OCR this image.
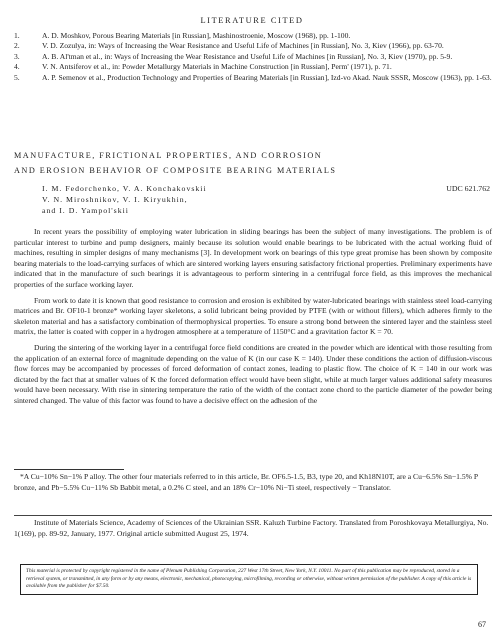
LITERATURE CITED
1.	A. D. Moshkov, Porous Bearing Materials [in Russian], Mashinostroenie, Moscow (1968), pp. 1-100.
2.	V. D. Zozulya, in: Ways of Increasing the Wear Resistance and Useful Life of Machines [in Russian], No. 3, Kiev (1966), pp. 63-70.
3.	A. B. Al'tman et al., in: Ways of Increasing the Wear Resistance and Useful Life of Machines [in Russian], No. 3, Kiev (1970), pp. 5-9.
4.	V. N. Antsiferov et al., in: Powder Metallurgy Materials in Machine Construction [in Russian], Perm' (1971), p. 71.
5.	A. P. Semenov et al., Production Technology and Properties of Bearing Materials [in Russian], Izd-vo Akad. Nauk SSSR, Moscow (1963), pp. 1-63.
MANUFACTURE, FRICTIONAL PROPERTIES, AND CORROSION
AND EROSION BEHAVIOR OF COMPOSITE BEARING MATERIALS
I. M. Fedorchenko, V. A. Konchakovskii
V. N. Miroshnikov, V. I. Kiryukhin,
and I. D. Yampol'skii
UDC 621.762

In recent years the possibility of employing water lubrication in sliding bearings has been the subject of many investigations. The problem is of particular interest to turbine and pump designers, mainly because its solution would enable bearings to be lubricated with the actual working fluid of machines, resulting in simpler designs of many mechanisms [3]. In development work on bearings of this type great promise has been shown by composite bearing materials to the load-carrying surfaces of which are sintered working layers ensuring satisfactory frictional properties. Preliminary experiments have indicated that in the manufacture of such bearings it is advantageous to perform sintering in a centrifugal force field, as this improves the mechanical properties of the surface working layer.

From work to date it is known that good resistance to corrosion and erosion is exhibited by water-lubricated bearings with stainless steel load-carrying matrices and Br. OF10-1 bronze* working layer skeletons, a solid lubricant being provided by PTFE (with or without fillers), which adheres firmly to the skeleton material and has a satisfactory combination of thermophysical properties. To ensure a strong bond between the sintered layer and the stainless steel matrix, the latter is coated with copper in a hydrogen atmosphere at a temperature of 1150°C and a gravitation factor K = 70.

During the sintering of the working layer in a centrifugal force field conditions are created in the powder which are identical with those resulting from the application of an external force of magnitude depending on the value of K (in our case K = 140). Under these conditions the action of diffusion-viscous flow forces may be accompanied by processes of forced deformation of contact zones, leading to plastic flow. The choice of K = 140 in our work was dictated by the fact that at smaller values of K the forced deformation effect would have been slight, while at much larger values additional safety measures would have been necessary. With rise in sintering temperature the ratio of the width of the contact zone chord to the particle diameter of the powder being sintered changed. The value of this factor was found to have a decisive effect on the adhesion of the

*A Cu−10% Sn−1% P alloy. The other four materials referred to in this article, Br. OF6.5-1.5, B3, type 20, and Kh18N10T, are a Cu−6.5% Sn−1.5% P bronze, and Pb−5.5% Cu−11% Sb Babbit metal, a 0.2% C steel, and an 18% Cr−10% Ni−Ti steel, respectively − Translator.

Institute of Materials Science, Academy of Sciences of the Ukrainian SSR. Kaluzh Turbine Factory. Translated from Poroshkovaya Metallurgiya, No. 1(169), pp. 89-92, January, 1977. Original article submitted August 25, 1974.

This material is protected by copyright registered in the name of Plenum Publishing Corporation, 227 West 17th Street, New York, N.Y. 10011. No part of this publication may be reproduced, stored in a retrieval system, or transmitted, in any form or by any means, electronic, mechanical, photocopying, microfilming, recording or otherwise, without written permission of the publisher. A copy of this article is available from the publisher for $7.50.
67
